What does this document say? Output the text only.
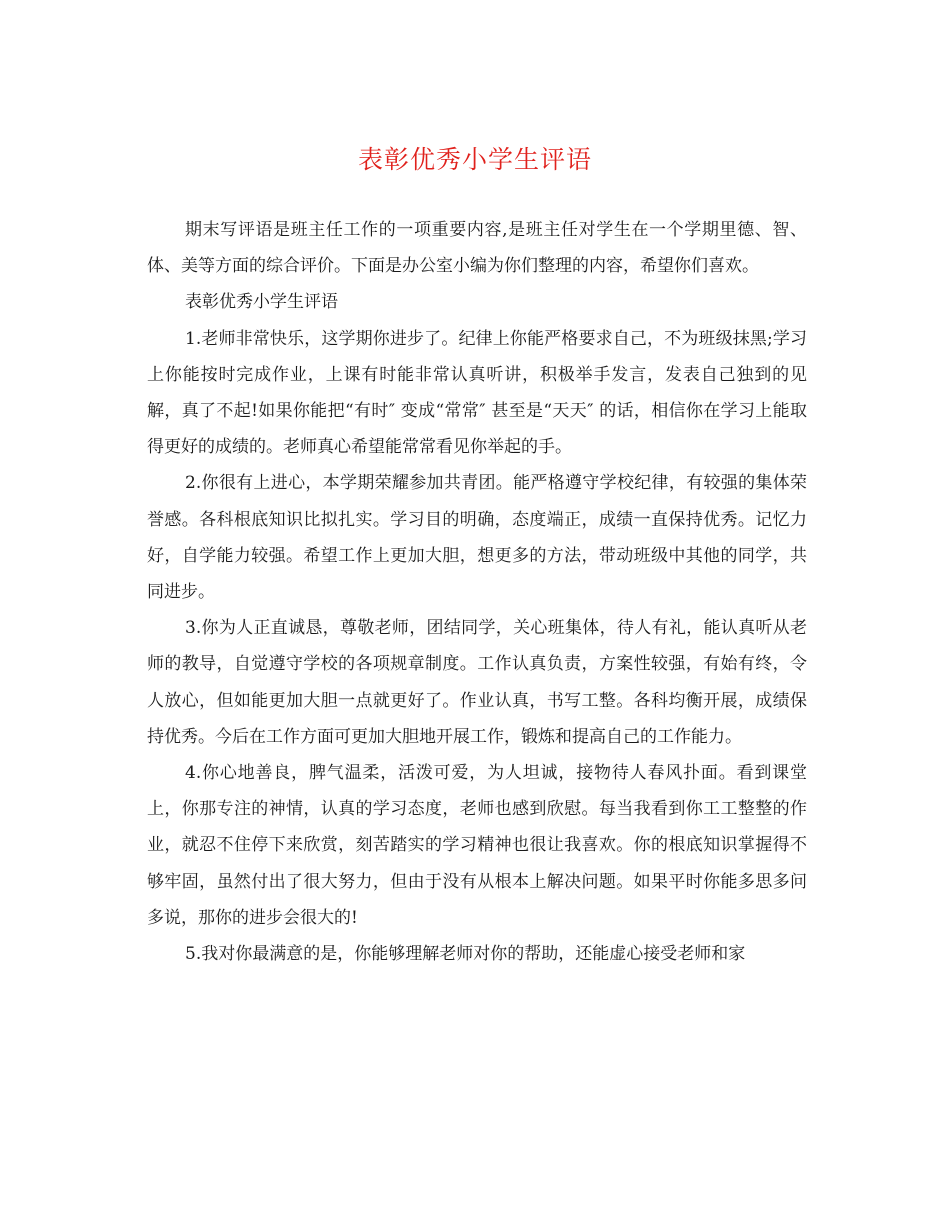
表彰优秀小学生评语

期末写评语是班主任工作的一项重要内容,是班主任对学生在一个学期里德、智、体、美等方面的综合评价。下面是办公室小编为你们整理的内容，希望你们喜欢。

表彰优秀小学生评语

1.老师非常快乐，这学期你进步了。纪律上你能严格要求自己，不为班级抹黑;学习上你能按时完成作业，上课有时能非常认真听讲，积极举手发言，发表自己独到的见解，真了不起!如果你能把“有时″ 变成“常常″ 甚至是“天天″ 的话，相信你在学习上能取得更好的成绩的。老师真心希望能常常看见你举起的手。

2.你很有上进心，本学期荣耀参加共青团。能严格遵守学校纪律，有较强的集体荣誉感。各科根底知识比拟扎实。学习目的明确，态度端正，成绩一直保持优秀。记忆力好，自学能力较强。希望工作上更加大胆，想更多的方法，带动班级中其他的同学，共同进步。

3.你为人正直诚恳，尊敬老师，团结同学，关心班集体，待人有礼，能认真听从老师的教导，自觉遵守学校的各项规章制度。工作认真负责，方案性较强，有始有终，令人放心，但如能更加大胆一点就更好了。作业认真，书写工整。各科均衡开展，成绩保持优秀。今后在工作方面可更加大胆地开展工作，锻炼和提高自己的工作能力。

4.你心地善良，脾气温柔，活泼可爱，为人坦诚，接物待人春风扑面。看到课堂上，你那专注的神情，认真的学习态度，老师也感到欣慰。每当我看到你工工整整的作业，就忍不住停下来欣赏，刻苦踏实的学习精神也很让我喜欢。你的根底知识掌握得不够牢固，虽然付出了很大努力，但由于没有从根本上解决问题。如果平时你能多思多问多说，那你的进步会很大的!

5.我对你最满意的是，你能够理解老师对你的帮助，还能虚心接受老师和家
